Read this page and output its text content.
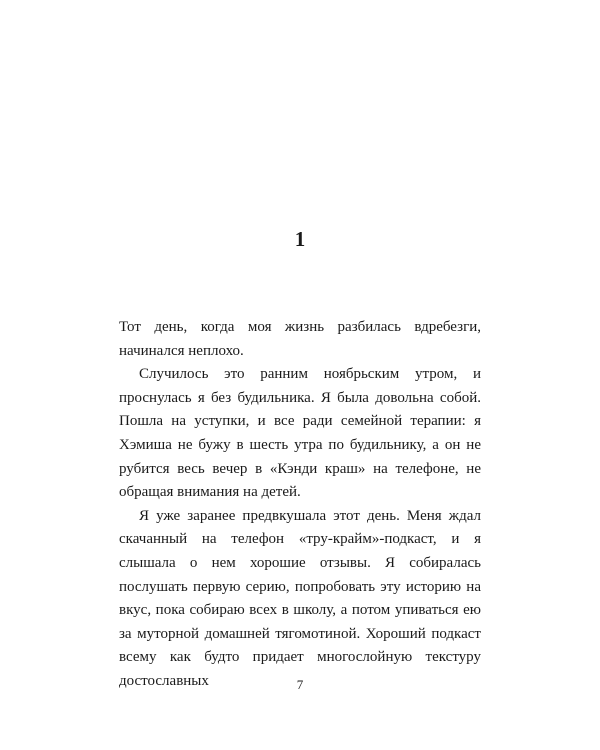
1

Тот день, когда моя жизнь разбилась вдребезги, начинался неплохо.

Случилось это ранним ноябрьским утром, и проснулась я без будильника. Я была довольна собой. Пошла на уступки, и все ради семейной терапии: я Хэмиша не бужу в шесть утра по будильнику, а он не рубится весь вечер в «Кэнди краш» на телефоне, не обращая внимания на детей.

Я уже заранее предвкушала этот день. Меня ждал скачанный на телефон «тру-крайм»-подкаст, и я слышала о нем хорошие отзывы. Я собиралась послушать первую серию, попробовать эту историю на вкус, пока собираю всех в школу, а потом упиваться ею за муторной домашней тягомотиной. Хороший подкаст всему как будто придает многослойную текстуру достославных	7
